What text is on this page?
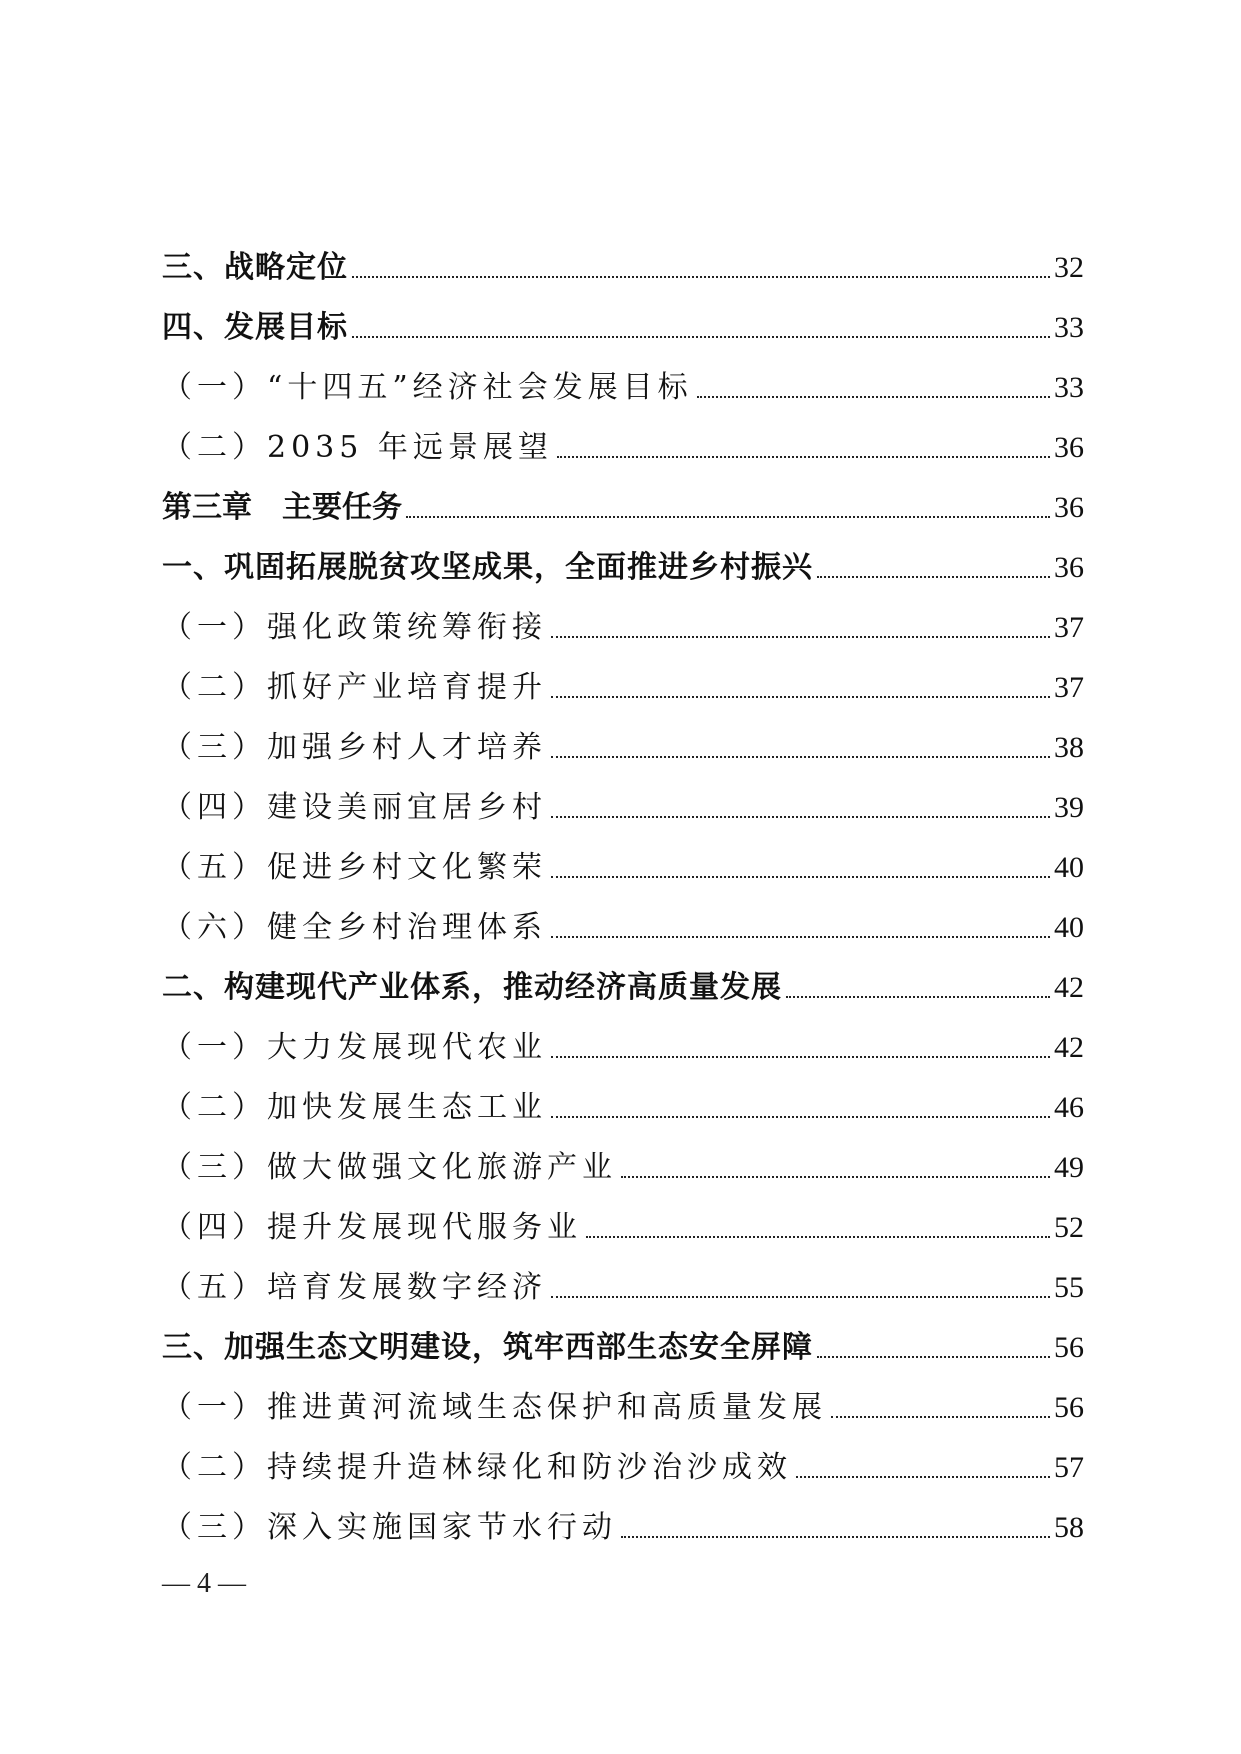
三、战略定位	32
四、发展目标	33
（一）“十四五”经济社会发展目标	33
（二）2035 年远景展望	36
第三章　主要任务	36
一、巩固拓展脱贫攻坚成果，全面推进乡村振兴	36
（一）强化政策统筹衔接	37
（二）抓好产业培育提升	37
（三）加强乡村人才培养	38
（四）建设美丽宜居乡村	39
（五）促进乡村文化繁荣	40
（六）健全乡村治理体系	40
二、构建现代产业体系，推动经济高质量发展	42
（一）大力发展现代农业	42
（二）加快发展生态工业	46
（三）做大做强文化旅游产业	49
（四）提升发展现代服务业	52
（五）培育发展数字经济	55
三、加强生态文明建设，筑牢西部生态安全屏障	56
（一）推进黄河流域生态保护和高质量发展	56
（二）持续提升造林绿化和防沙治沙成效	57
（三）深入实施国家节水行动	58
— 4 —
